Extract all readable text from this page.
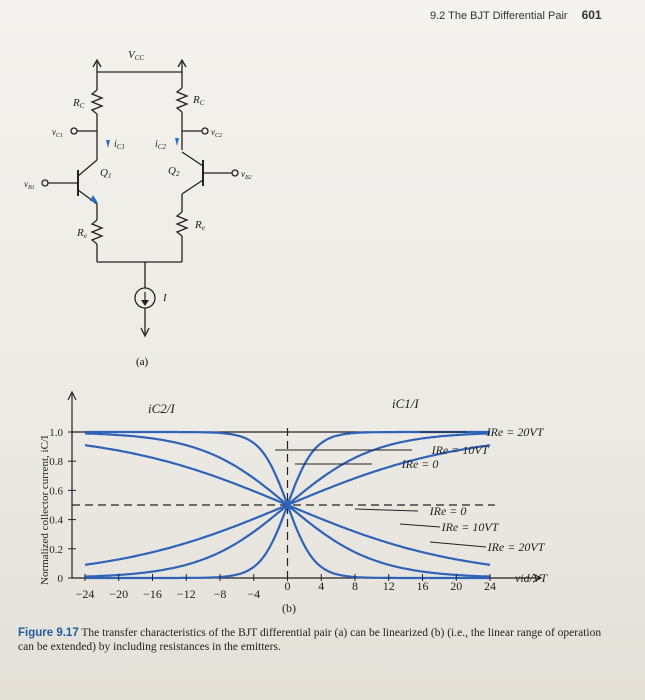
9.2 The BJT Differential Pair 601
VCC
RC	RC
$v_{C1}$	$v_{C2}$
$i_{C1}$	$i_{C2}$
Q1	Q2
$v_{B1}$
$v_{B2}$
Re
Re
I
(a)
−24 −20 −16 −12 −8 −4
0 4 8 12 16 20 24
0
0.2
0.4
0.6
0.8
1.0
Normalized collector current, iC/I	vid/VT
iC2/I	iC1/I
IRe = 20VT
IRe = 10VT
IRe = 0
IRe = 0
IRe = 10VT
IRe = 20VT
(b)
Figure 9.17 The transfer characteristics of the BJT differential pair (a) can be linearized (b) (i.e., the linear range of operation can be extended) by including resistances in the emitters.
